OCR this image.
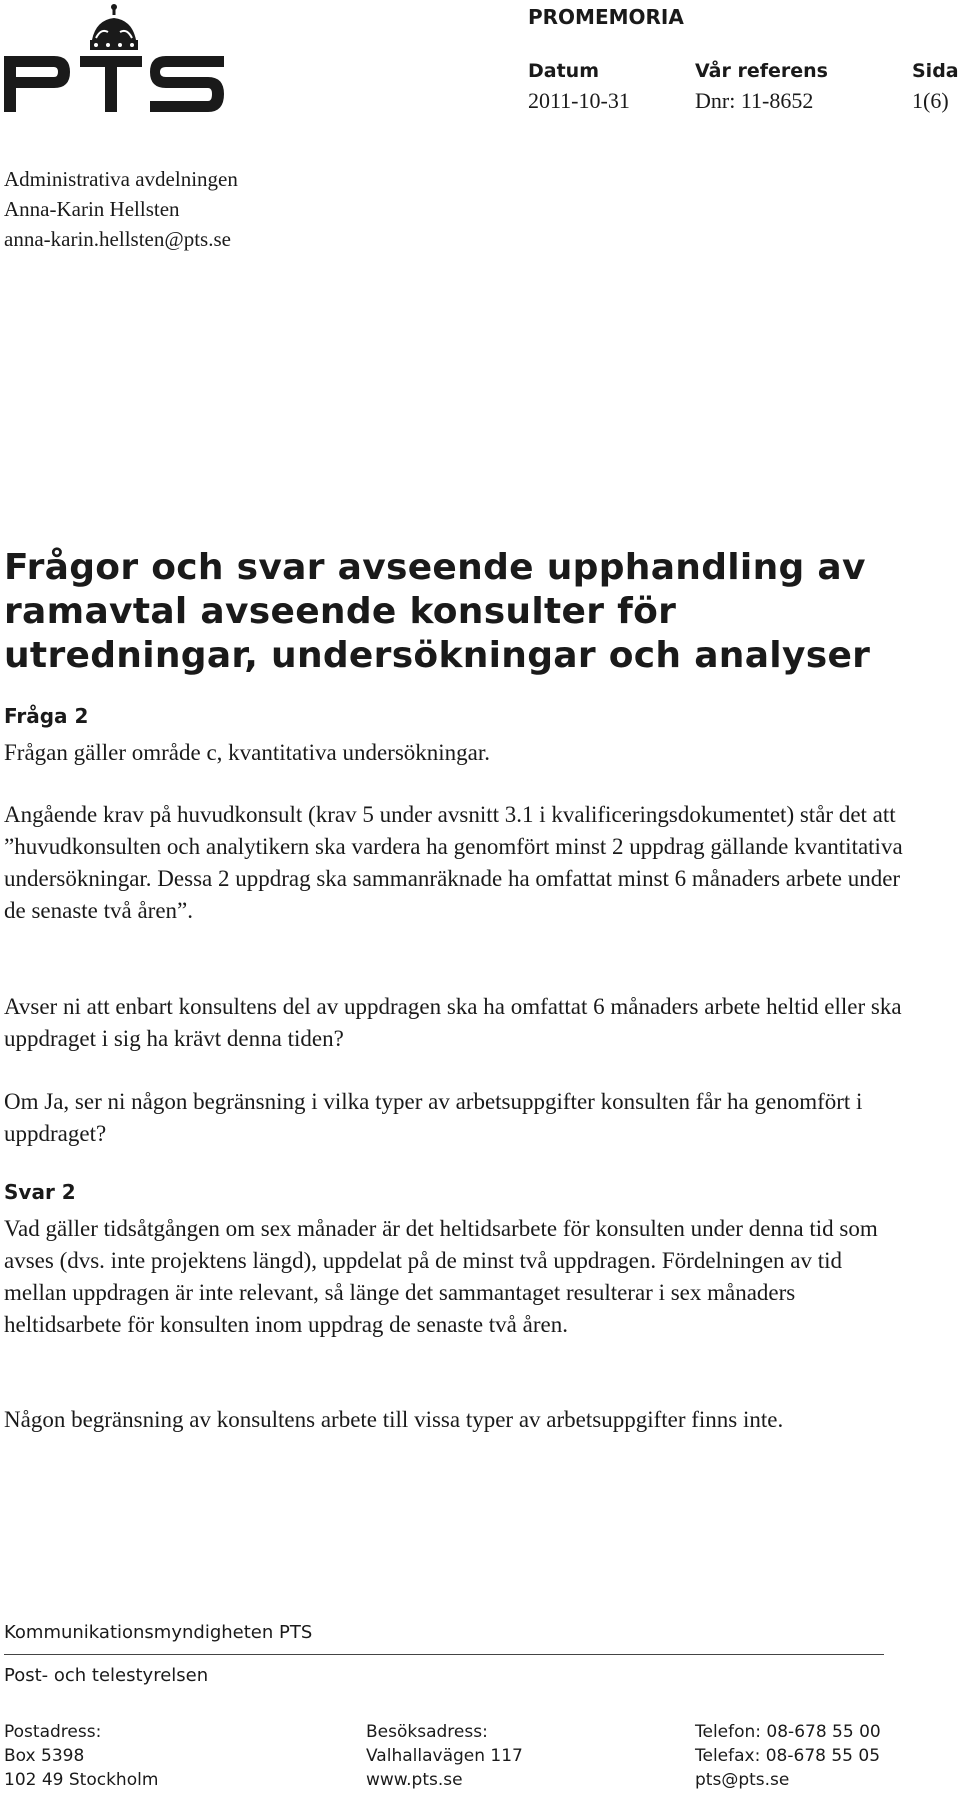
PTS
PROMEMORIA
Datum
2011-10-31
Vår referens
Dnr: 11-8652
Sida
1(6)
Administrativa avdelningen
Anna-Karin Hellsten
anna-karin.hellsten@pts.se
Frågor och svar avseende upphandling av
ramavtal avseende konsulter för
utredningar, undersökningar och analyser
Fråga 2

Frågan gäller område c, kvantitativa undersökningar.

Angående krav på huvudkonsult (krav 5 under avsnitt 3.1 i kvalificeringsdokumentet) står det att ”huvudkonsulten och analytikern ska vardera ha genomfört minst 2 uppdrag gällande kvantitativa undersökningar. Dessa 2 uppdrag ska sammanräknade ha omfattat minst 6 månaders arbete under de senaste två åren”.

Avser ni att enbart konsultens del av uppdragen ska ha omfattat 6 månaders arbete heltid eller ska uppdraget i sig ha krävt denna tiden?

Om Ja, ser ni någon begränsning i vilka typer av arbetsuppgifter konsulten får ha genomfört i uppdraget?

Svar 2

Vad gäller tidsåtgången om sex månader är det heltidsarbete för konsulten under denna tid som avses (dvs. inte projektens längd), uppdelat på de minst två uppdragen. Fördelningen av tid mellan uppdragen är inte relevant, så länge det sammantaget resulterar i sex månaders heltidsarbete för konsulten inom uppdrag de senaste två åren.

Någon begränsning av konsultens arbete till vissa typer av arbetsuppgifter finns inte.

Kommunikationsmyndigheten PTS
Post- och telestyrelsen
Postadress:
Box 5398
102 49 Stockholm
Besöksadress:
Valhallavägen 117
www.pts.se
Telefon: 08-678 55 00
Telefax: 08-678 55 05
pts@pts.se
